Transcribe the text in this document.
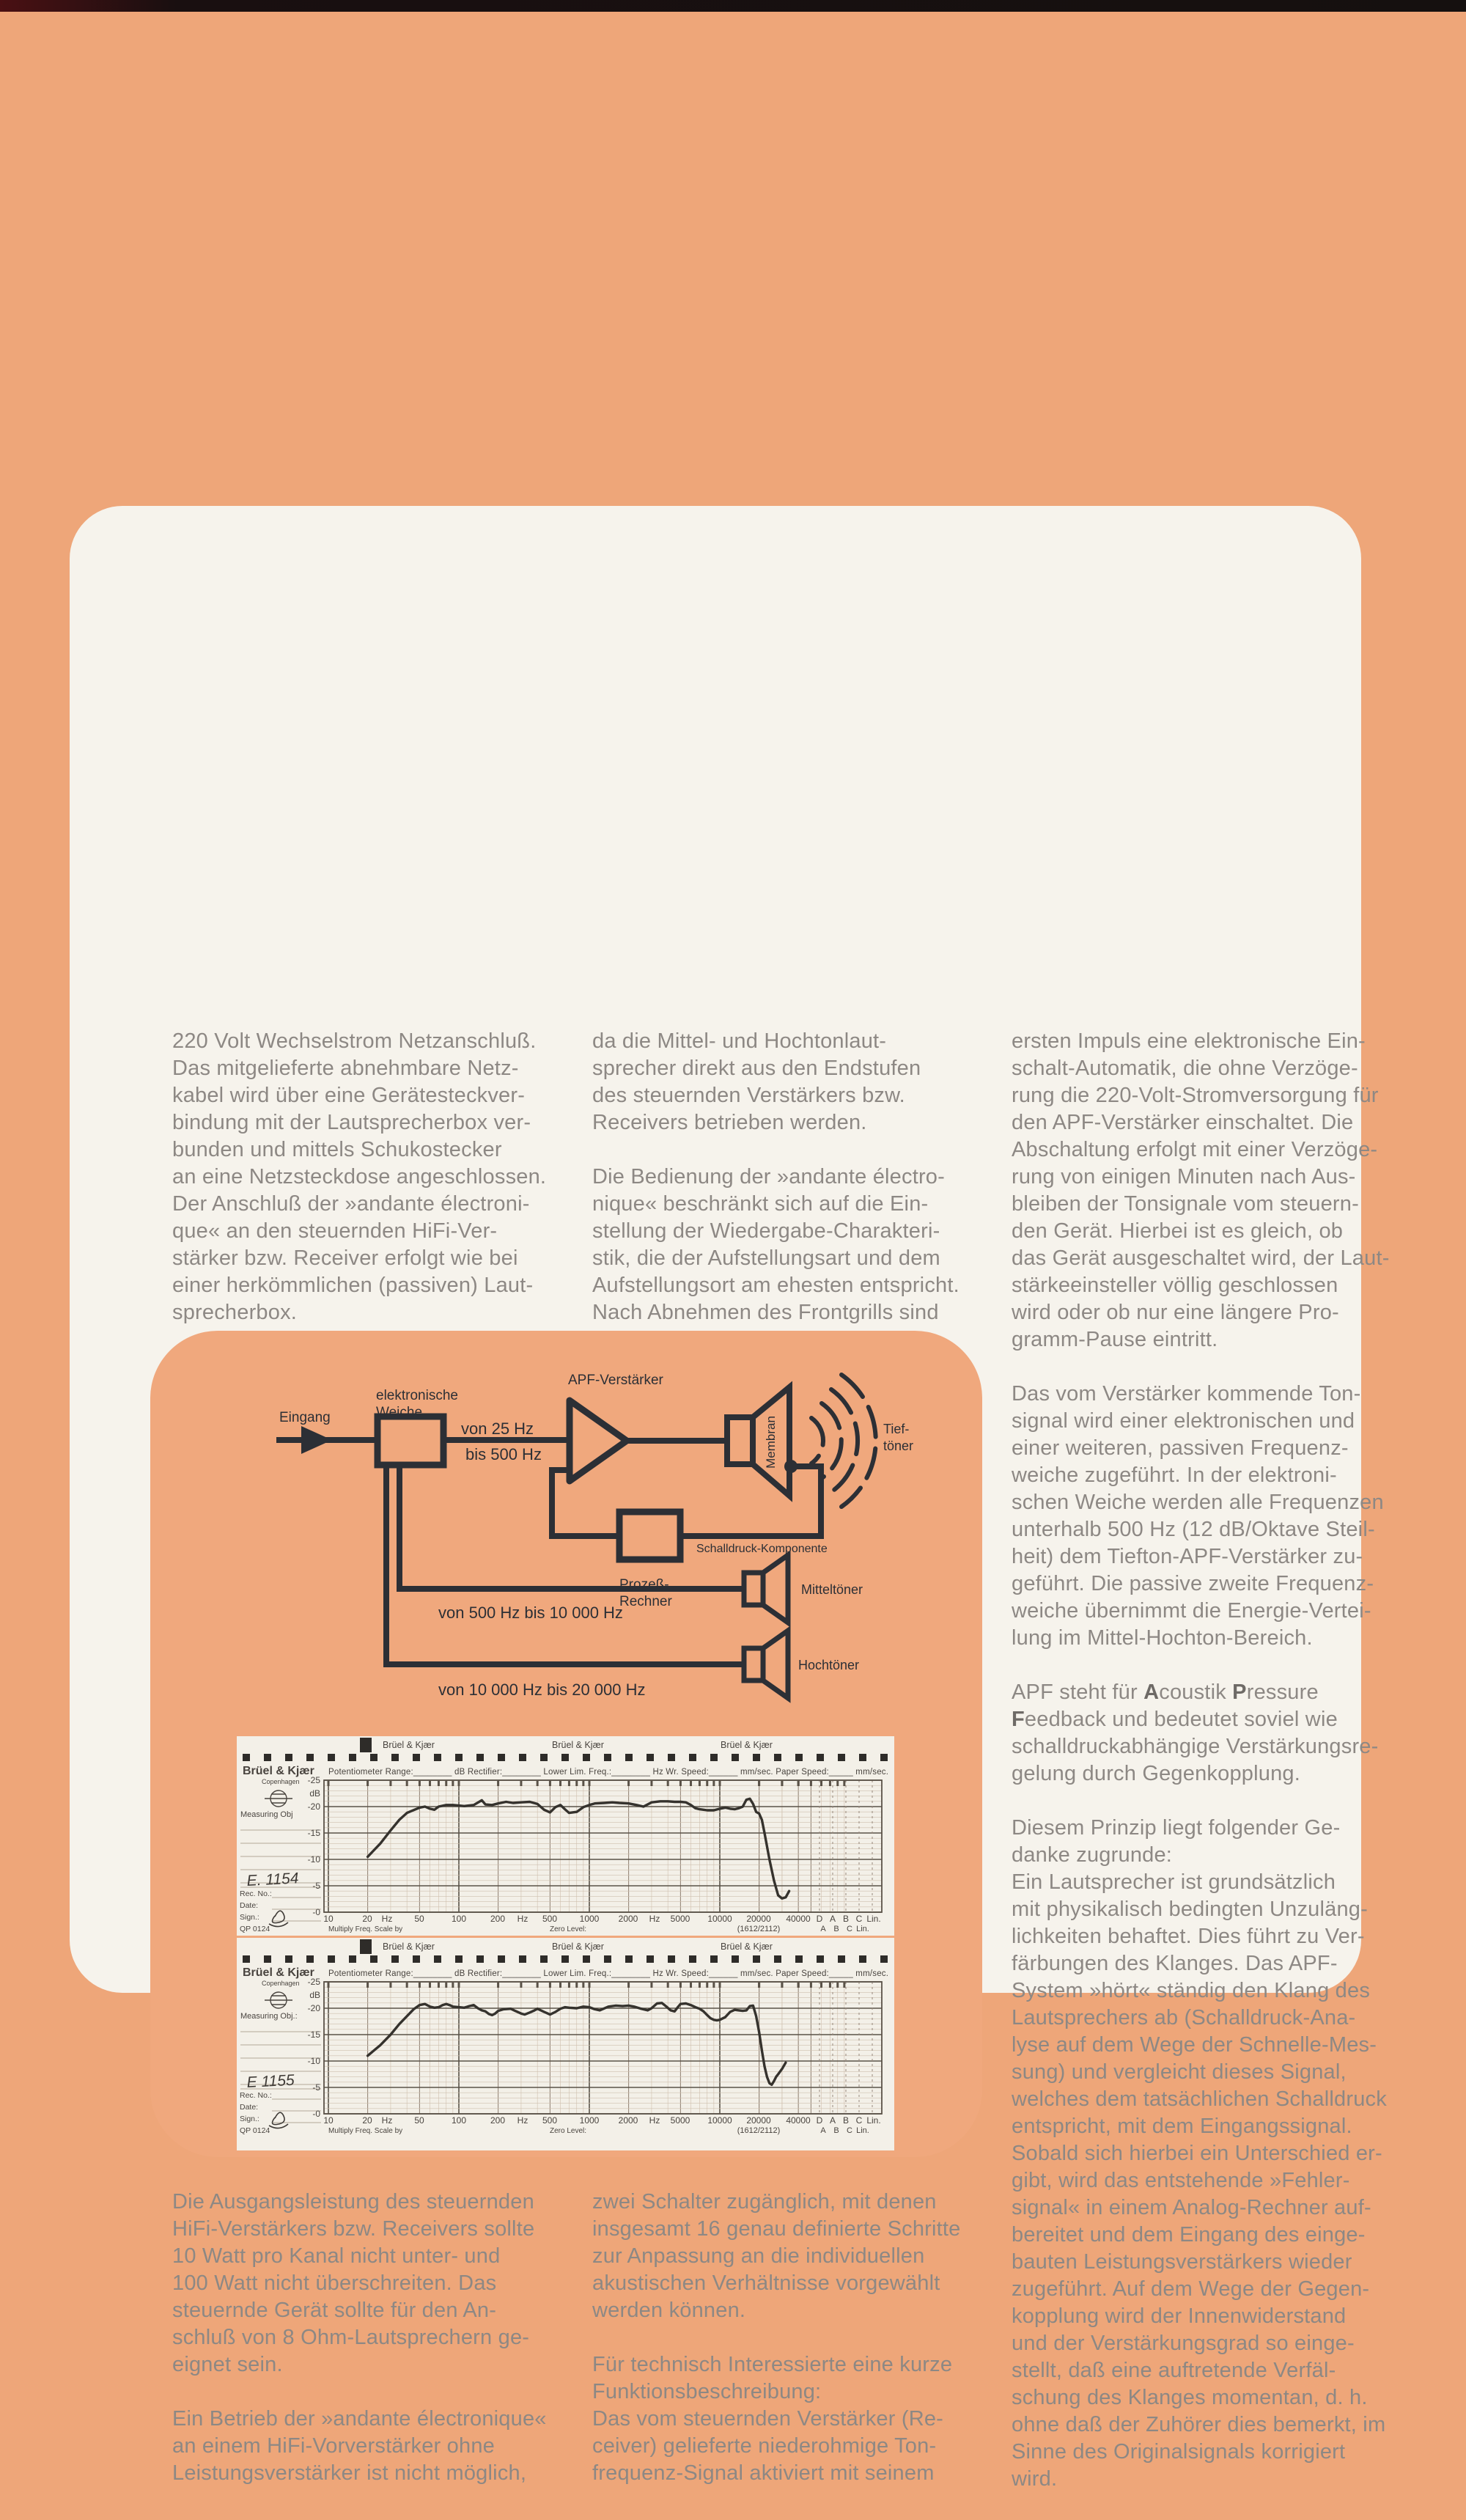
220 Volt Wechselstrom Netzanschluß.
Das mitgelieferte abnehmbare Netz-
kabel wird über eine Gerätesteckver-
bindung mit der Lautsprecherbox ver-
bunden und mittels Schukostecker
an eine Netzsteckdose angeschlossen.
Der Anschluß der »andante électroni-
que« an den steuernden HiFi-Ver-
stärker bzw. Receiver erfolgt wie bei
einer herkömmlichen (passiven) Laut-
sprecherbox.

da die Mittel- und Hochtonlaut-
sprecher direkt aus den Endstufen
des steuernden Verstärkers bzw.
Receivers betrieben werden.

Die Bedienung der »andante électro-
nique« beschränkt sich auf die Ein-
stellung der Wiedergabe-Charakteri-
stik, die der Aufstellungsart und dem
Aufstellungsort am ehesten entspricht.
Nach Abnehmen des Frontgrills sind

ersten Impuls eine elektronische Ein-
schalt-Automatik, die ohne Verzöge-
rung die 220-Volt-Stromversorgung für
den APF-Verstärker einschaltet. Die
Abschaltung erfolgt mit einer Verzöge-
rung von einigen Minuten nach Aus-
bleiben der Tonsignale vom steuern-
den Gerät. Hierbei ist es gleich, ob
das Gerät ausgeschaltet wird, der Laut-
stärkeeinsteller völlig geschlossen
wird oder ob nur eine längere Pro-
gramm-Pause eintritt.

Das vom Verstärker kommende Ton-
signal wird einer elektronischen und
einer weiteren, passiven Frequenz-
weiche zugeführt. In der elektroni-
schen Weiche werden alle Frequenzen
unterhalb 500 Hz (12 dB/Oktave Steil-
heit) dem Tiefton-APF-Verstärker zu-
geführt. Die passive zweite Frequenz-
weiche übernimmt die Energie-Vertei-
lung im Mittel-Hochton-Bereich.

APF steht für Acoustik Pressure
Feedback und bedeutet soviel wie
schalldruckabhängige Verstärkungsre-
gelung durch Gegenkopplung.

Diesem Prinzip liegt folgender Ge-
danke zugrunde:
Ein Lautsprecher ist grundsätzlich
mit physikalisch bedingten Unzuläng-
lichkeiten behaftet. Dies führt zu Ver-
färbungen des Klanges. Das APF-
System »hört« ständig den Klang des
Lautsprechers ab (Schalldruck-Ana-
lyse auf dem Wege der Schnelle-Mes-
sung) und vergleicht dieses Signal,
welches dem tatsächlichen Schalldruck
entspricht, mit dem Eingangssignal.
Sobald sich hierbei ein Unterschied er-
gibt, wird das entstehende »Fehler-
signal« in einem Analog-Rechner auf-
bereitet und dem Eingang des einge-
bauten Leistungsverstärkers wieder
zugeführt. Auf dem Wege der Gegen-
kopplung wird der Innenwiderstand
und der Verstärkungsgrad so einge-
stellt, daß eine auftretende Verfäl-
schung des Klanges momentan, d. h.
ohne daß der Zuhörer dies bemerkt, im
Sinne des Originalsignals korrigiert
wird.

Die Ausgangsleistung des steuernden
HiFi-Verstärkers bzw. Receivers sollte
10 Watt pro Kanal nicht unter- und
100 Watt nicht überschreiten. Das
steuernde Gerät sollte für den An-
schluß von 8 Ohm-Lautsprechern ge-
eignet sein.

Ein Betrieb der »andante électronique«
an einem HiFi-Vorverstärker ohne
Leistungsverstärker ist nicht möglich,

zwei Schalter zugänglich, mit denen
insgesamt 16 genau definierte Schritte
zur Anpassung an die individuellen
akustischen Verhältnisse vorgewählt
werden können.

Für technisch Interessierte eine kurze
Funktionsbeschreibung:
Das vom steuernden Verstärker (Re-
ceiver) gelieferte niederohmige Ton-
frequenz-Signal aktiviert mit seinem

Eingang
elektronische
Weiche
APF-Verstärker
von 25 Hz
bis 500 Hz	Membran	Tief-
töner
Schalldruck-Komponente
Prozeß-
Rechner
Mitteltöner
Hochtöner
von 500 Hz bis 10 000 Hz
von 10 000 Hz bis 20 000 Hz
Brüel & Kjær	Brüel & Kjær	Brüel & Kjær
Brüel & Kjær
Copenhagen
Measuring Obj
E. 1154
Rec. No.:
Date:
Sign.:
QP 0124
Potentiometer Range:________ dB Rectifier:________ Lower Lim. Freq.:________ Hz Wr. Speed:______ mm/sec. Paper Speed:_____ mm/sec.
-25
-20
-15
-10
-5
-0
dB
10	20 Hz 50	100	200 Hz 500	1000 2000 Hz 5000 10000 20000 40000 D A B C Lin.
Multiply Freq. Scale by	Zero Level:	(1612/2112)	A B C Lin.
Brüel & Kjær	Brüel & Kjær	Brüel & Kjær
Brüel & Kjær
Copenhagen
Measuring Obj.:
E 1155
Rec. No.:
Date:
Sign.:
QP 0124
Potentiometer Range:________ dB Rectifier:________ Lower Lim. Freq.:________ Hz Wr. Speed:______ mm/sec. Paper Speed:_____ mm/sec.
-25
-20
-15
-10
-5
-0
dB
10	20 Hz 50	100	200 Hz 500	1000 2000 Hz 5000 10000 20000 40000 D A B C Lin.
Multiply Freq. Scale by	Zero Level:	(1612/2112)	A B C Lin.
